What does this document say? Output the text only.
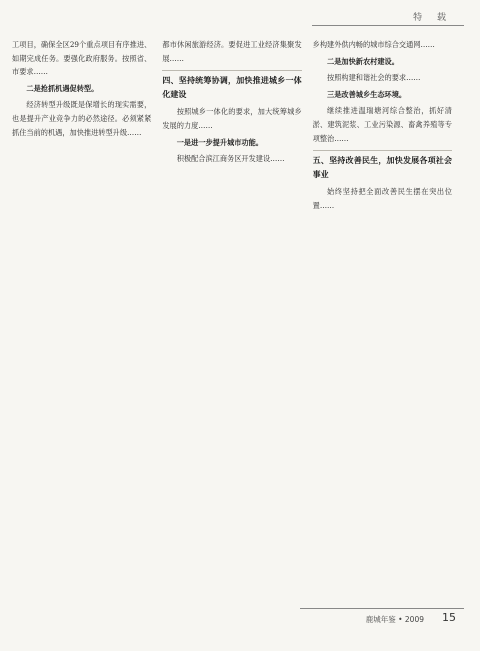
特 载

工项目，确保全区29个重点项目有序推进、如期完成任务。要强化政府服务。按照省、市要求……

二是抢抓机遇促转型。

经济转型升级既是保增长的现实需要，也是提升产业竞争力的必然途径。必须紧紧抓住当前的机遇，加快推进转型升级……

都市休闲旅游经济。要促进工业经济集聚发展……

四、坚持统筹协调，加快推进城乡一体化建设

按照城乡一体化的要求，加大统筹城乡发展的力度……

一是进一步提升城市功能。

积极配合滨江商务区开发建设……

乡构建外供内畅的城市综合交通网……

二是加快新农村建设。

按照构建和谐社会的要求……

三是改善城乡生态环境。

继续推进温瑞塘河综合整治，抓好清淤、建筑泥浆、工业污染源、畜禽养殖等专项整治……

五、坚持改善民生，加快发展各项社会事业

始终坚持把全面改善民生摆在突出位置……

鹿城年鉴 • 2009 15
